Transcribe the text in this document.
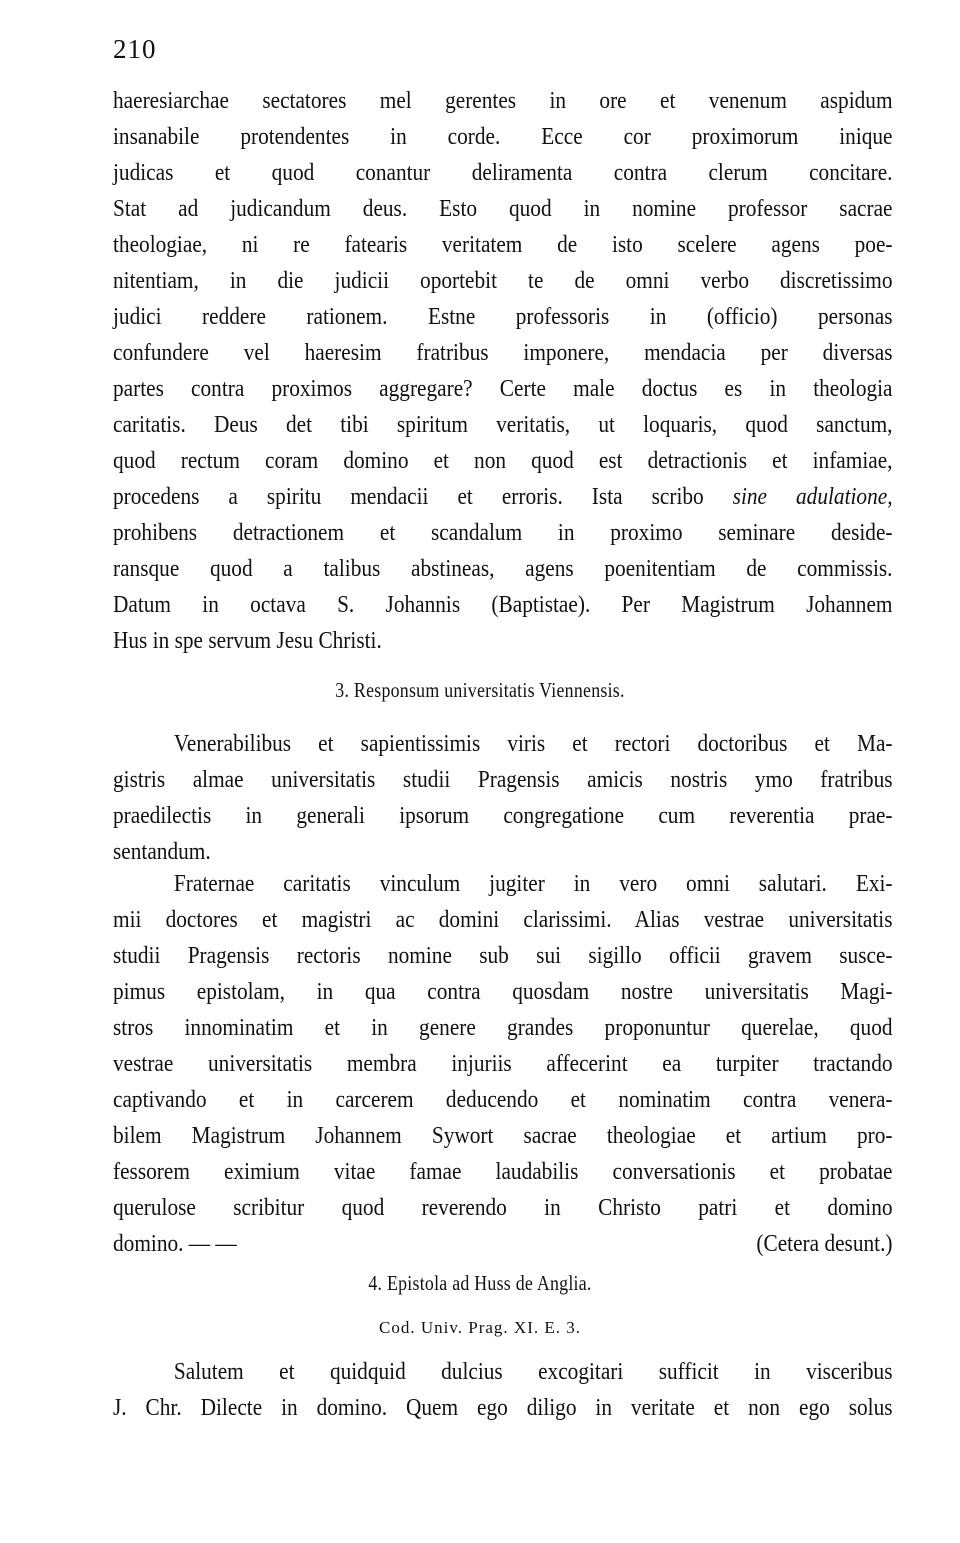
210
haeresiarchae sectatores mel gerentes in ore et venenum aspidum
insanabile protendentes in corde. Ecce cor proximorum inique
judicas et quod conantur deliramenta contra clerum concitare.
Stat ad judicandum deus. Esto quod in nomine professor sacrae
theologiae, ni re fatearis veritatem de isto scelere agens poe-
nitentiam, in die judicii oportebit te de omni verbo discretissimo
judici reddere rationem. Estne professoris in (officio) personas
confundere vel haeresim fratribus imponere, mendacia per diversas
partes contra proximos aggregare? Certe male doctus es in theologia
caritatis. Deus det tibi spiritum veritatis, ut loquaris, quod sanctum,
quod rectum coram domino et non quod est detractionis et infamiae,
procedens a spiritu mendacii et erroris. Ista scribo sine adulatione,
prohibens detractionem et scandalum in proximo seminare deside-
ransque quod a talibus abstineas, agens poenitentiam de commissis.
Datum in octava S. Johannis (Baptistae). Per Magistrum Johannem
Hus in spe servum Jesu Christi.
3. Responsum universitatis Viennensis.
Venerabilibus et sapientissimis viris et rectori doctoribus et Ma-
gistris almae universitatis studii Pragensis amicis nostris ymo fratribus
praedilectis in generali ipsorum congregatione cum reverentia prae-
sentandum.
Fraternae caritatis vinculum jugiter in vero omni salutari. Exi-
mii doctores et magistri ac domini clarissimi. Alias vestrae universitatis
studii Pragensis rectoris nomine sub sui sigillo officii gravem susce-
pimus epistolam, in qua contra quosdam nostre universitatis Magi-
stros innominatim et in genere grandes proponuntur querelae, quod
vestrae universitatis membra injuriis affecerint ea turpiter tractando
captivando et in carcerem deducendo et nominatim contra venera-
bilem Magistrum Johannem Sywort sacrae theologiae et artium pro-
fessorem eximium vitae famae laudabilis conversationis et probatae
querulose scribitur quod reverendo in Christo patri et domino
domino. — —	(Cetera desunt.)
4. Epistola ad Huss de Anglia.
Cod. Univ. Prag. XI. E. 3.
Salutem et quidquid dulcius excogitari sufficit in visceribus
J. Chr. Dilecte in domino. Quem ego diligo in veritate et non ego solus
